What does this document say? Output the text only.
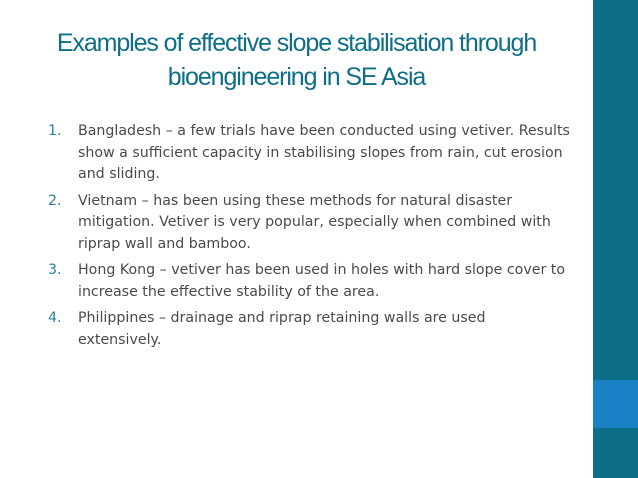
Examples of effective slope stabilisation through
bioengineering in SE Asia
1. Bangladesh – a few trials have been conducted using vetiver. Results show a sufficient capacity in stabilising slopes from rain, cut erosion and sliding.
2. Vietnam – has been using these methods for natural disaster mitigation. Vetiver is very popular, especially when combined with riprap wall and bamboo.
3. Hong Kong – vetiver has been used in holes with hard slope cover to increase the effective stability of the area.
4. Philippines – drainage and riprap retaining walls are used extensively.
